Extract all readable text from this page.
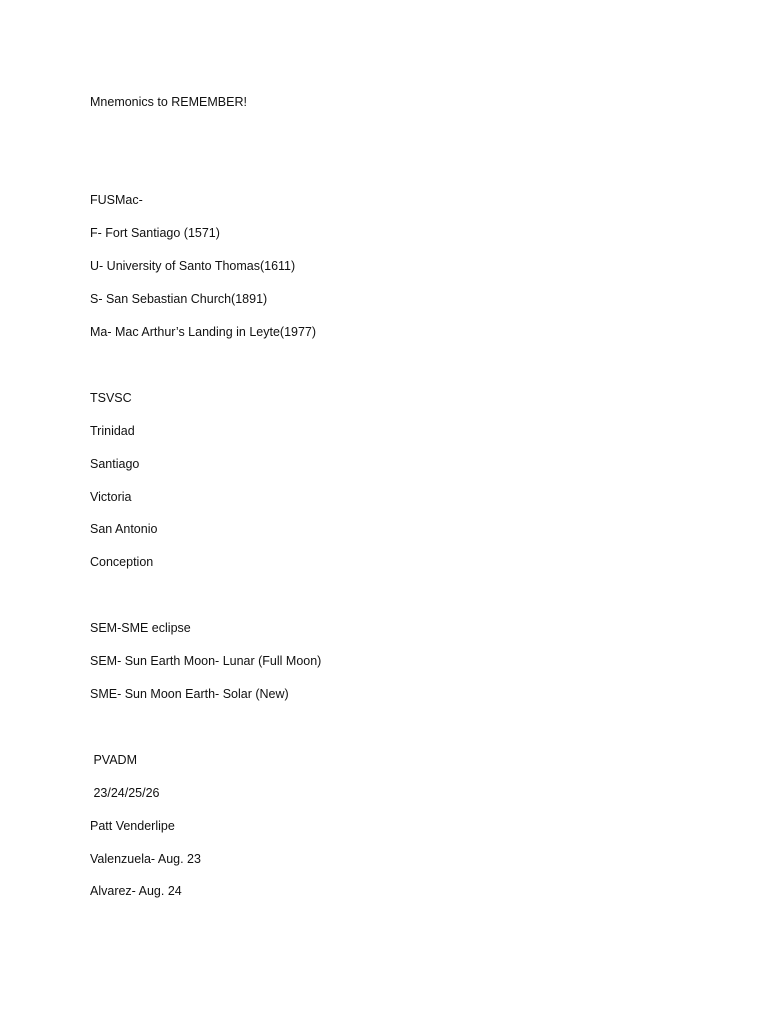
Mnemonics to REMEMBER!

FUSMac-

F- Fort Santiago (1571)

U- University of Santo Thomas(1611)

S- San Sebastian Church(1891)

Ma- Mac Arthur’s Landing in Leyte(1977)

TSVSC

Trinidad

Santiago

Victoria

San Antonio

Conception

SEM-SME eclipse

SEM- Sun Earth Moon- Lunar (Full Moon)

SME- Sun Moon Earth- Solar (New)

PVADM

23/24/25/26

Patt Venderlipe

Valenzuela- Aug. 23

Alvarez- Aug. 24
